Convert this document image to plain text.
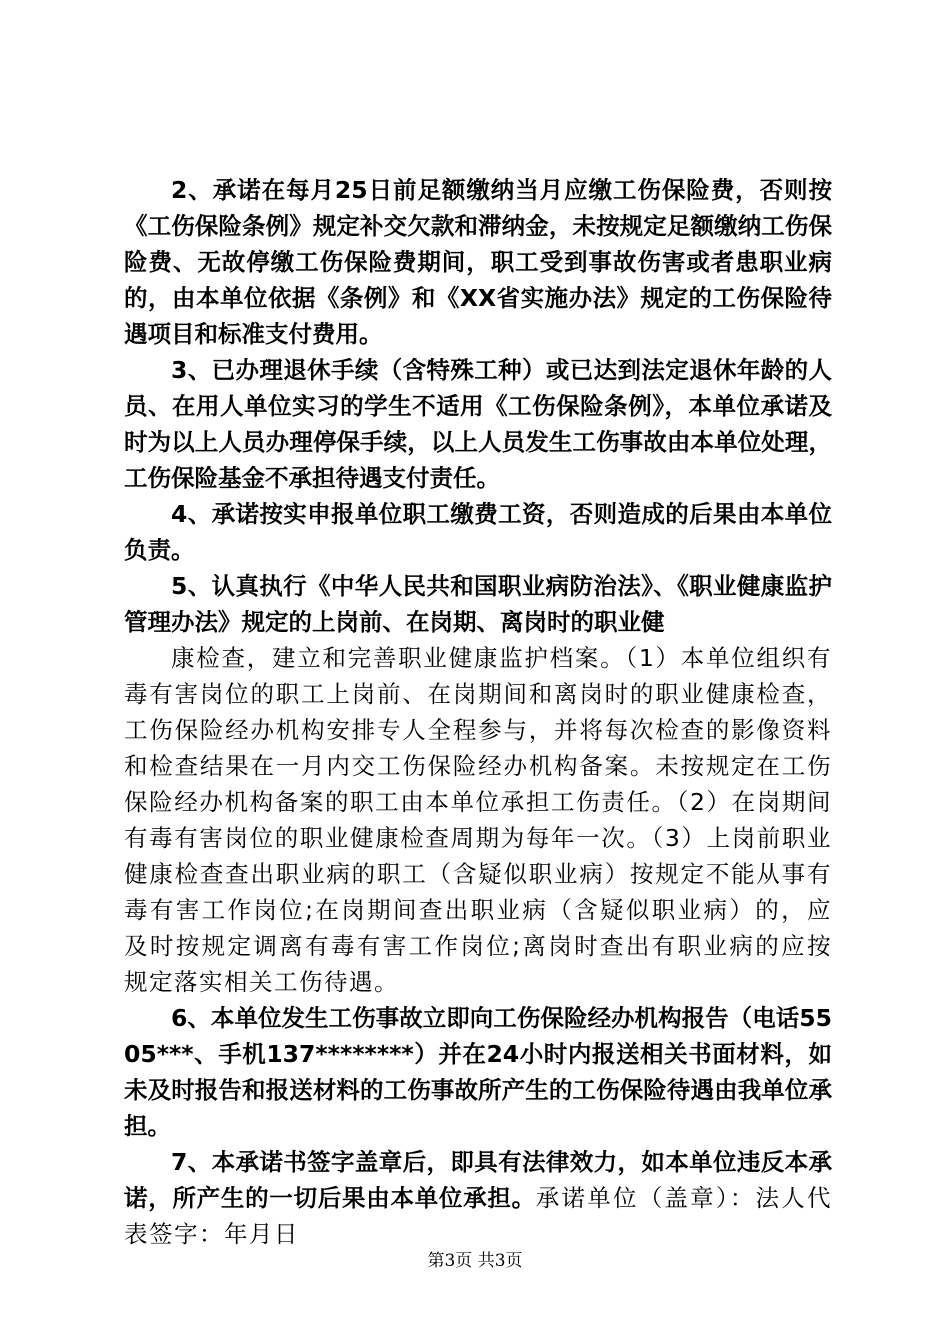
2、承诺在每月25日前足额缴纳当月应缴工伤保险费，否则按《工伤保险条例》规定补交欠款和滞纳金，未按规定足额缴纳工伤保险费、无故停缴工伤保险费期间，职工受到事故伤害或者患职业病的，由本单位依据《条例》和《XX省实施办法》规定的工伤保险待遇项目和标准支付费用。

3、已办理退休手续（含特殊工种）或已达到法定退休年龄的人员、在用人单位实习的学生不适用《工伤保险条例》，本单位承诺及时为以上人员办理停保手续，以上人员发生工伤事故由本单位处理，工伤保险基金不承担待遇支付责任。

4、承诺按实申报单位职工缴费工资，否则造成的后果由本单位负责。

5、认真执行《中华人民共和国职业病防治法》、《职业健康监护管理办法》规定的上岗前、在岗期、离岗时的职业健

康检查，建立和完善职业健康监护档案。（1）本单位组织有毒有害岗位的职工上岗前、在岗期间和离岗时的职业健康检查，工伤保险经办机构安排专人全程参与，并将每次检查的影像资料和检查结果在一月内交工伤保险经办机构备案。未按规定在工伤保险经办机构备案的职工由本单位承担工伤责任。（2）在岗期间有毒有害岗位的职业健康检查周期为每年一次。（3）上岗前职业健康检查查出职业病的职工（含疑似职业病）按规定不能从事有毒有害工作岗位;在岗期间查出职业病（含疑似职业病）的，应及时按规定调离有毒有害工作岗位;离岗时查出有职业病的应按规定落实相关工伤待遇。

6、本单位发生工伤事故立即向工伤保险经办机构报告（电话5505***、手机137********）并在24小时内报送相关书面材料，如未及时报告和报送材料的工伤事故所产生的工伤保险待遇由我单位承担。

7、本承诺书签字盖章后，即具有法律效力，如本单位违反本承诺，所产生的一切后果由本单位承担。承诺单位（盖章）：法人代表签字：年月日

第3页 共3页
